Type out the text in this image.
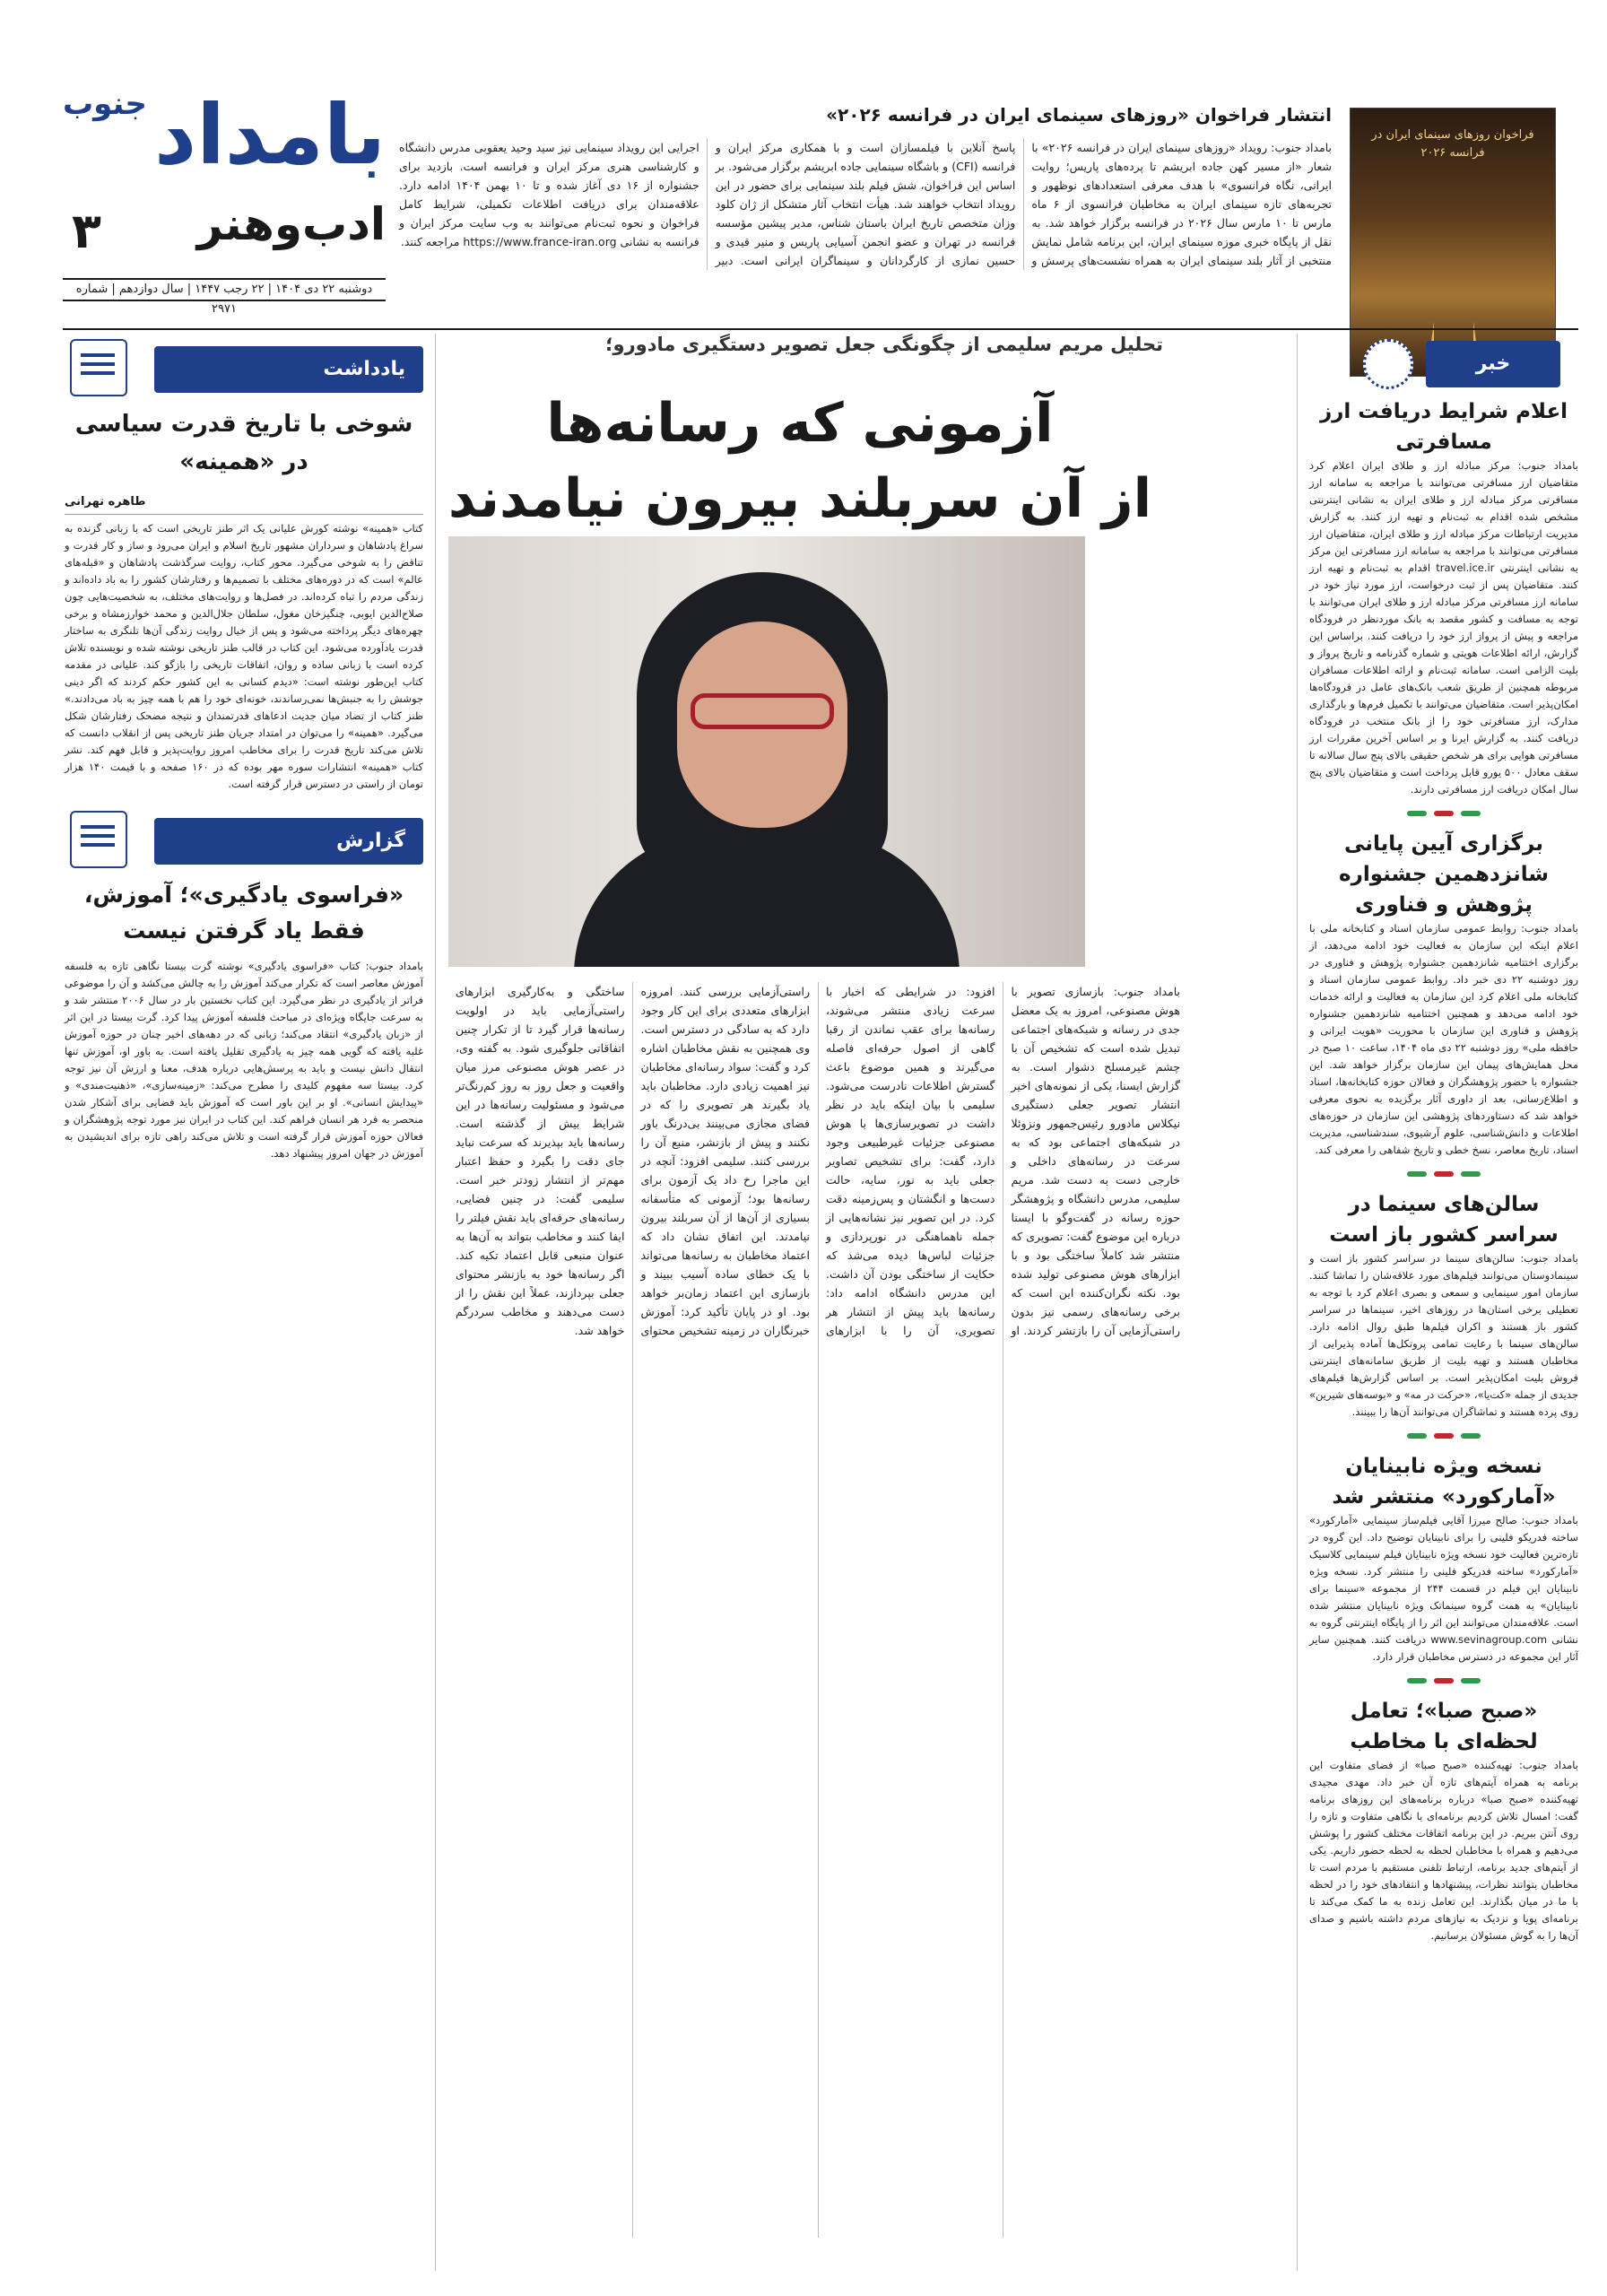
بامداد
جنوب
ادب‌وهنر
۳
دوشنبه ۲۲ دی ۱۴۰۴ | ۲۲ رجب ۱۴۴۷ | سال دوازدهم | شماره ۲۹۷۱
فراخوان روزهای سینمای ایران در فرانسه ۲۰۲۶
انتشار فراخوان «روزهای سینمای ایران در فرانسه ۲۰۲۶»
بامداد جنوب: رویداد «روزهای سینمای ایران در فرانسه ۲۰۲۶» با شعار «از مسیر کهن جاده ابریشم تا پرده‌های پاریس؛ روایت ایرانی، نگاه فرانسوی» با هدف معرفی استعدادهای نوظهور و تجربه‌های تازه سینمای ایران به مخاطبان فرانسوی از ۶ ماه مارس تا ۱۰ مارس سال ۲۰۲۶ در فرانسه برگزار خواهد شد. به نقل از پایگاه خبری موزه سینمای ایران، این برنامه شامل نمایش منتخبی از آثار بلند سینمای ایران به همراه نشست‌های پرسش و پاسخ آنلاین با فیلمسازان است و با همکاری مرکز ایران و فرانسه (CFI) و باشگاه سینمایی جاده ابریشم برگزار می‌شود. بر اساس این فراخوان، شش فیلم بلند سینمایی برای حضور در این رویداد انتخاب خواهند شد. هیأت انتخاب آثار متشکل از ژان کلود وزان متخصص تاریخ ایران باستان شناس، مدیر پیشین مؤسسه فرانسه در تهران و عضو انجمن آسیایی پاریس و منیر قیدی و حسین نمازی از کارگردانان و سینماگران ایرانی است. دبیر اجرایی این رویداد سینمایی نیز سید وحید یعقوبی مدرس دانشگاه و کارشناسی هنری مرکز ایران و فرانسه است. بازدید برای جشنواره از ۱۶ دی آغاز شده و تا ۱۰ بهمن ۱۴۰۴ ادامه دارد. علاقه‌مندان برای دریافت اطلاعات تکمیلی، شرایط کامل فراخوان و نحوه ثبت‌نام می‌توانند به وب سایت مرکز ایران و فرانسه به نشانی https://www.france-iran.org مراجعه کنند.
خبر
اعلام شرایط دریافت ارز مسافرتی
بامداد جنوب: مرکز مبادله ارز و طلای ایران اعلام کرد متقاضیان ارز مسافرتی می‌توانند با مراجعه به سامانه ارز مسافرتی مرکز مبادله ارز و طلای ایران به نشانی اینترنتی مشخص شده اقدام به ثبت‌نام و تهیه ارز کنند. به گزارش مدیریت ارتباطات مرکز مبادله ارز و طلای ایران، متقاضیان ارز مسافرتی می‌توانند با مراجعه به سامانه ارز مسافرتی این مرکز به نشانی اینترنتی travel.ice.ir اقدام به ثبت‌نام و تهیه ارز کنند. متقاضیان پس از ثبت درخواست، ارز مورد نیاز خود در سامانه ارز مسافرتی مرکز مبادله ارز و طلای ایران می‌توانند با توجه به مسافت و کشور مقصد به بانک موردنظر در فرودگاه مراجعه و پیش از پرواز ارز خود را دریافت کنند. براساس این گزارش، ارائه اطلاعات هویتی و شماره گذرنامه و تاریخ پرواز و بلیت الزامی است. سامانه ثبت‌نام و ارائه اطلاعات مسافران مربوطه همچنین از طریق شعب بانک‌های عامل در فرودگاه‌ها امکان‌پذیر است. متقاضیان می‌توانند با تکمیل فرم‌ها و بارگذاری مدارک، ارز مسافرتی خود را از بانک منتخب در فرودگاه دریافت کنند. به گزارش ایرنا و بر اساس آخرین مقررات ارز مسافرتی هوایی برای هر شخص حقیقی بالای پنج سال سالانه تا سقف معادل ۵۰۰ یورو قابل پرداخت است و متقاضیان بالای پنج سال امکان دریافت ارز مسافرتی دارند.
برگزاری آیین پایانی شانزدهمین جشنواره پژوهش و فناوری
بامداد جنوب: روابط عمومی سازمان اسناد و کتابخانه ملی با اعلام اینکه این سازمان به فعالیت خود ادامه می‌دهد، از برگزاری اختتامیه شانزدهمین جشنواره پژوهش و فناوری در روز دوشنبه ۲۲ دی خبر داد. روابط عمومی سازمان اسناد و کتابخانه ملی اعلام کرد این سازمان به فعالیت و ارائه خدمات خود ادامه می‌دهد و همچنین اختتامیه شانزدهمین جشنواره پژوهش و فناوری این سازمان با محوریت «هویت ایرانی و حافظه ملی» روز دوشنبه ۲۲ دی ماه ۱۴۰۴، ساعت ۱۰ صبح در محل همایش‌های پیمان این سازمان برگزار خواهد شد. این جشنواره با حضور پژوهشگران و فعالان حوزه کتابخانه‌ها، اسناد و اطلاع‌رسانی، بعد از داوری آثار برگزیده به نحوی معرفی خواهد شد که دستاوردهای پژوهشی این سازمان در حوزه‌های اطلاعات و دانش‌شناسی، علوم آرشیوی، سندشناسی، مدیریت اسناد، تاریخ معاصر، نسخ خطی و تاریخ شفاهی را معرفی کند.
سالن‌های سینما در سراسر کشور باز است
بامداد جنوب: سالن‌های سینما در سراسر کشور باز است و سینمادوستان می‌توانند فیلم‌های مورد علاقه‌شان را تماشا کنند. سازمان امور سینمایی و سمعی و بصری اعلام کرد با توجه به تعطیلی برخی استان‌ها در روزهای اخیر، سینماها در سراسر کشور باز هستند و اکران فیلم‌ها طبق روال ادامه دارد. سالن‌های سینما با رعایت تمامی پروتکل‌ها آماده پذیرایی از مخاطبان هستند و تهیه بلیت از طریق سامانه‌های اینترنتی فروش بلیت امکان‌پذیر است. بر اساس گزارش‌ها فیلم‌های جدیدی از جمله «کت‌یا»، «حرکت در مه» و «بوسه‌های شیرین» روی پرده هستند و تماشاگران می‌توانند آن‌ها را ببینند.
نسخه ویژه نابینایان «آمارکورد» منتشر شد
بامداد جنوب: صالح میرزا آقایی فیلم‌ساز سینمایی «آمارکورد» ساخته فدریکو فلینی را برای نابینایان توضیح داد. این گروه در تازه‌ترین فعالیت خود نسخه ویژه نابینایان فیلم سینمایی کلاسیک «آمارکورد» ساخته فدریکو فلینی را منتشر کرد. نسخه ویژه نابینایان این فیلم در قسمت ۲۴۴ از مجموعه «سینما برای نابینایان» به همت گروه سینماتک ویژه نابینایان منتشر شده است. علاقه‌مندان می‌توانند این اثر را از پایگاه اینترنتی گروه به نشانی www.sevinagroup.com دریافت کنند. همچنین سایر آثار این مجموعه در دسترس مخاطبان قرار دارد.
«صبح صبا»؛ تعامل لحظه‌ای با مخاطب
بامداد جنوب: تهیه‌کننده «صبح صبا» از فضای متفاوت این برنامه به همراه آیتم‌های تازه آن خبر داد. مهدی مجیدی تهیه‌کننده «صبح صبا» درباره برنامه‌های این روزهای برنامه گفت: امسال تلاش کردیم برنامه‌ای با نگاهی متفاوت و تازه را روی آنتن ببریم. در این برنامه اتفاقات مختلف کشور را پوشش می‌دهیم و همراه با مخاطبان لحظه به لحظه حضور داریم. یکی از آیتم‌های جدید برنامه، ارتباط تلفنی مستقیم با مردم است تا مخاطبان بتوانند نظرات، پیشنهادها و انتقادهای خود را در لحظه با ما در میان بگذارند. این تعامل زنده به ما کمک می‌کند تا برنامه‌ای پویا و نزدیک به نیازهای مردم داشته باشیم و صدای آن‌ها را به گوش مسئولان برسانیم.
تحلیل مریم سلیمی از چگونگی جعل تصویر دستگیری مادورو؛
آزمونی که رسانه‌ها
از آن سربلند بیرون نیامدند
بامداد جنوب: بازسازی تصویر با هوش مصنوعی، امروز به یک معضل جدی در رسانه و شبکه‌های اجتماعی تبدیل شده است که تشخیص آن با چشم غیرمسلح دشوار است. به گزارش ایسنا، یکی از نمونه‌های اخیر انتشار تصویر جعلی دستگیری نیکلاس مادورو رئیس‌جمهور ونزوئلا در شبکه‌های اجتماعی بود که به سرعت در رسانه‌های داخلی و خارجی دست به دست شد. مریم سلیمی، مدرس دانشگاه و پژوهشگر حوزه رسانه در گفت‌وگو با ایسنا درباره این موضوع گفت: تصویری که منتشر شد کاملاً ساختگی بود و با ابزارهای هوش مصنوعی تولید شده بود. نکته نگران‌کننده این است که برخی رسانه‌های رسمی نیز بدون راستی‌آزمایی آن را بازنشر کردند. او افزود: در شرایطی که اخبار با سرعت زیادی منتشر می‌شوند، رسانه‌ها برای عقب نماندن از رقبا گاهی از اصول حرفه‌ای فاصله می‌گیرند و همین موضوع باعث گسترش اطلاعات نادرست می‌شود. سلیمی با بیان اینکه باید در نظر داشت در تصویرسازی‌ها با هوش مصنوعی جزئیات غیرطبیعی وجود دارد، گفت: برای تشخیص تصاویر جعلی باید به نور، سایه، حالت دست‌ها و انگشتان و پس‌زمینه دقت کرد. در این تصویر نیز نشانه‌هایی از جمله ناهماهنگی در نورپردازی و جزئیات لباس‌ها دیده می‌شد که حکایت از ساختگی بودن آن داشت. این مدرس دانشگاه ادامه داد: رسانه‌ها باید پیش از انتشار هر تصویری، آن را با ابزارهای راستی‌آزمایی بررسی کنند. امروزه ابزارهای متعددی برای این کار وجود دارد که به سادگی در دسترس است. وی همچنین به نقش مخاطبان اشاره کرد و گفت: سواد رسانه‌ای مخاطبان نیز اهمیت زیادی دارد. مخاطبان باید یاد بگیرند هر تصویری را که در فضای مجازی می‌بینند بی‌درنگ باور نکنند و پیش از بازنشر، منبع آن را بررسی کنند. سلیمی افزود: آنچه در این ماجرا رخ داد یک آزمون برای رسانه‌ها بود؛ آزمونی که متأسفانه بسیاری از آن‌ها از آن سربلند بیرون نیامدند. این اتفاق نشان داد که اعتماد مخاطبان به رسانه‌ها می‌تواند با یک خطای ساده آسیب ببیند و بازسازی این اعتماد زمان‌بر خواهد بود. او در پایان تأکید کرد: آموزش خبرنگاران در زمینه تشخیص محتوای ساختگی و به‌کارگیری ابزارهای راستی‌آزمایی باید در اولویت رسانه‌ها قرار گیرد تا از تکرار چنین اتفاقاتی جلوگیری شود. به گفته وی، در عصر هوش مصنوعی مرز میان واقعیت و جعل روز به روز کم‌رنگ‌تر می‌شود و مسئولیت رسانه‌ها در این شرایط بیش از گذشته است. رسانه‌ها باید بپذیرند که سرعت نباید جای دقت را بگیرد و حفظ اعتبار مهم‌تر از انتشار زودتر خبر است. سلیمی گفت: در چنین فضایی، رسانه‌های حرفه‌ای باید نقش فیلتر را ایفا کنند و مخاطب بتواند به آن‌ها به عنوان منبعی قابل اعتماد تکیه کند. اگر رسانه‌ها خود به بازنشر محتوای جعلی بپردازند، عملاً این نقش را از دست می‌دهند و مخاطب سردرگم خواهد شد.
یادداشت
شوخی با تاریخ قدرت سیاسی در «همینه»
طاهره تهرانی
کتاب «همینه» نوشته کورش علیانی یک اثر طنز تاریخی است که با زبانی گزنده به سراغ پادشاهان و سرداران مشهور تاریخ اسلام و ایران می‌رود و ساز و کار قدرت و تناقض را به شوخی می‌گیرد. محور کتاب، روایت سرگذشت پادشاهان و «قبله‌های عالم» است که در دوره‌های مختلف با تصمیم‌ها و رفتارشان کشور را به باد داده‌اند و زندگی مردم را تباه کرده‌اند. در فصل‌ها و روایت‌های مختلف، به شخصیت‌هایی چون صلاح‌الدین ایوبی، چنگیزخان مغول، سلطان جلال‌الدین و محمد خوارزمشاه و برخی چهره‌های دیگر پرداخته می‌شود و پس از خیال روایت زندگی آن‌ها تلنگری به ساختار قدرت یادآورده می‌شود. این کتاب در قالب طنز تاریخی نوشته شده و نویسنده تلاش کرده است با زبانی ساده و روان، اتفاقات تاریخی را بازگو کند. علیانی در مقدمه کتاب این‌طور نوشته است: «دیدم کسانی به این کشور حکم کردند که اگر دینی جوشش را به جنبش‌ها نمی‌رساندند، خونه‌ای خود را هم با همه چیز به باد می‌دادند.» طنز کتاب از تضاد میان جدیت ادعاهای قدرتمندان و نتیجه مضحک رفتارشان شکل می‌گیرد. «همینه» را می‌توان در امتداد جریان طنز تاریخی پس از انقلاب دانست که تلاش می‌کند تاریخ قدرت را برای مخاطب امروز روایت‌پذیر و قابل فهم کند. نشر کتاب «همینه» انتشارات سوره مهر بوده که در ۱۶۰ صفحه و با قیمت ۱۴۰ هزار تومان از راستی در دسترس قرار گرفته است.
گزارش
«فراسوی یادگیری»؛ آموزش، فقط یاد گرفتن نیست
بامداد جنوب: کتاب «فراسوی یادگیری» نوشته گرت بیستا نگاهی تازه به فلسفه آموزش معاصر است که تکرار می‌کند آموزش را به چالش می‌کشد و آن را موضوعی فراتر از یادگیری در نظر می‌گیرد. این کتاب نخستین بار در سال ۲۰۰۶ منتشر شد و به سرعت جایگاه ویژه‌ای در مباحث فلسفه آموزش پیدا کرد. گرت بیستا در این اثر از «زبان یادگیری» انتقاد می‌کند؛ زبانی که در دهه‌های اخیر چنان در حوزه آموزش غلبه یافته که گویی همه چیز به یادگیری تقلیل یافته است. به باور او، آموزش تنها انتقال دانش نیست و باید به پرسش‌هایی درباره هدف، معنا و ارزش آن نیز توجه کرد. بیستا سه مفهوم کلیدی را مطرح می‌کند: «زمینه‌سازی»، «ذهنیت‌مندی» و «پیدایش انسانی». او بر این باور است که آموزش باید فضایی برای آشکار شدن منحصر به فرد هر انسان فراهم کند. این کتاب در ایران نیز مورد توجه پژوهشگران و فعالان حوزه آموزش قرار گرفته است و تلاش می‌کند راهی تازه برای اندیشیدن به آموزش در جهان امروز پیشنهاد دهد.
